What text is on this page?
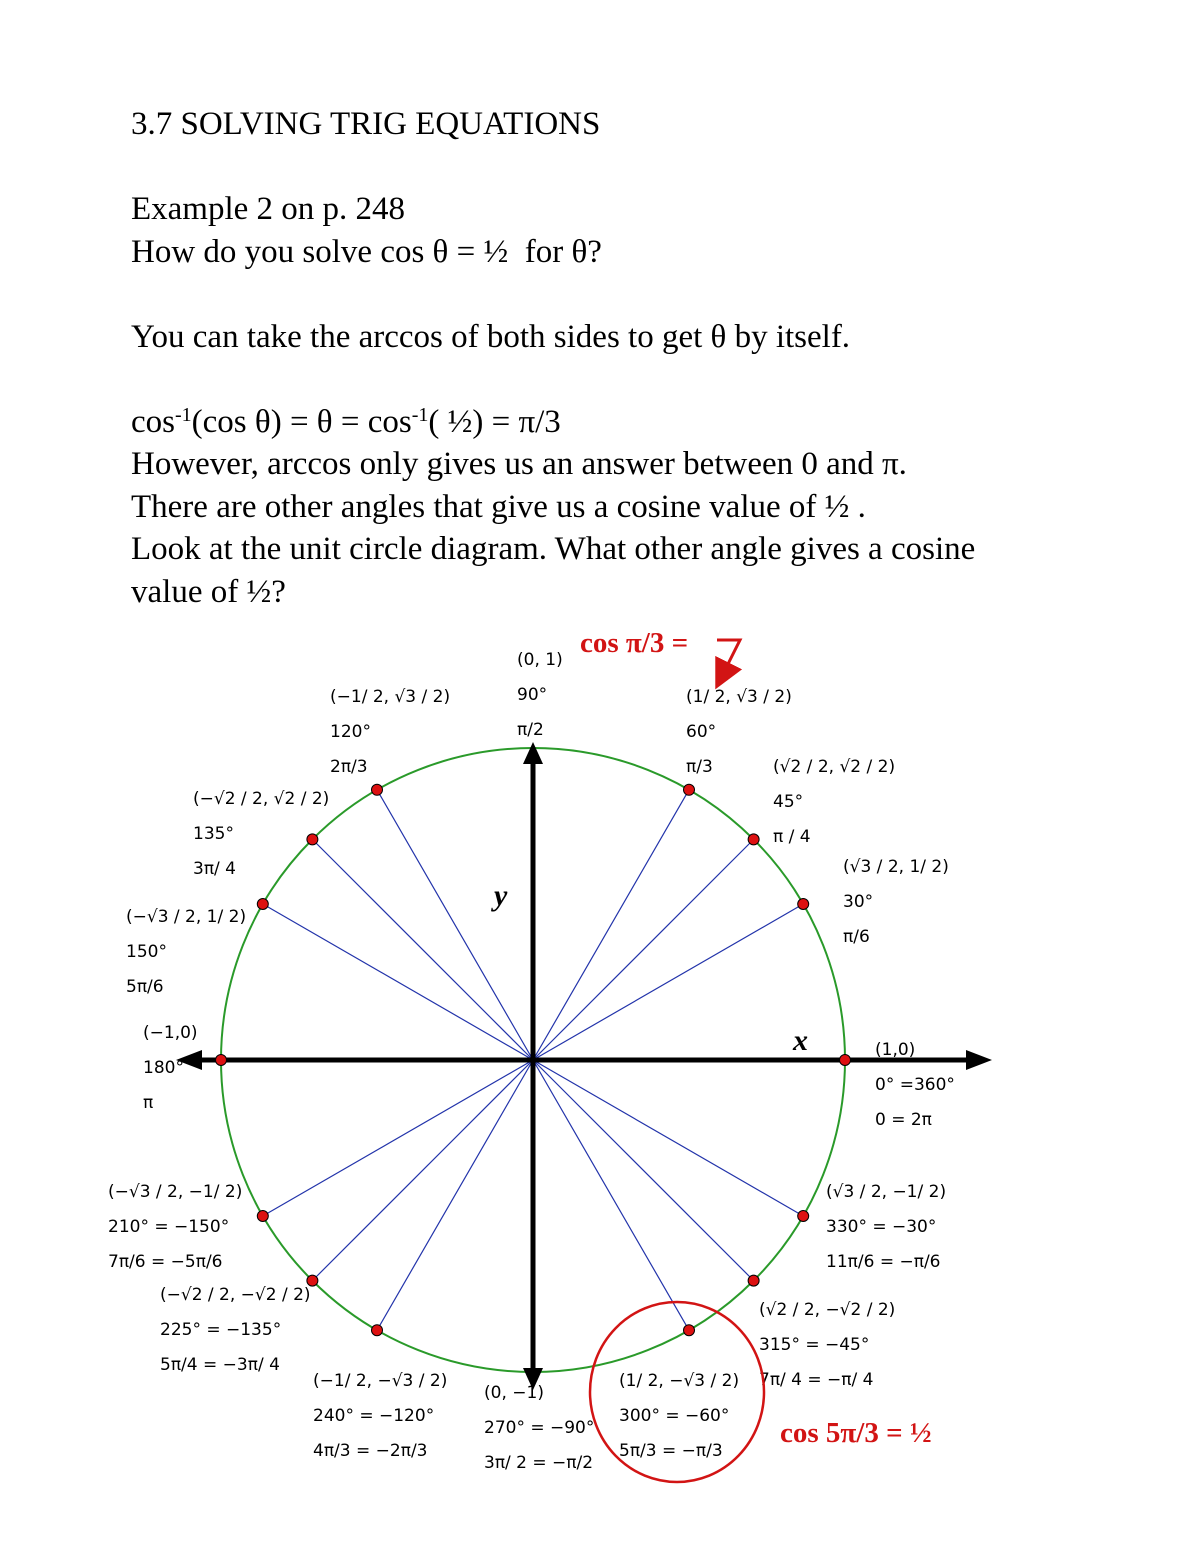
3.7 SOLVING TRIG EQUATIONS
Example 2 on p. 248
How do you solve cos θ = ½  for θ?
You can take the arccos of both sides to get θ by itself.
$\cos^{-1}(\cos$ $\theta) = \theta = \cos^{-1}$( ½) = π/3
However, arccos only gives us an answer between 0 and π.
There are other angles that give us a cosine value of ½ .
Look at the unit circle diagram. What other angle gives a cosine
value of ½?
(1,0)
0° =360°
0 = 2π
(√3 / 2, 1/ 2)
30°
π/6
(√2 / 2, √2 / 2)
45°
π / 4
(1/ 2, √3 / 2)
60°
π/3
(0, 1)
90°
π/2
(−1/ 2, √3 / 2)
120°
2π/3
(−√2 / 2, √2 / 2)
135°
3π/ 4
(−√3 / 2, 1/ 2)
150°
5π/6
(−1,0)
180°
π
(−√3 / 2, −1/ 2)
210° = −150°
7π/6 = −5π/6
(−√2 / 2, −√2 / 2)
225° = −135°
5π/4 = −3π/ 4
(−1/ 2, −√3 / 2)
240° = −120°
4π/3 = −2π/3
(0, −1)
270° = −90°
3π/ 2 = −π/2
(1/ 2, −√3 / 2)
300° = −60°
5π/3 = −π/3
(√2 / 2, −√2 / 2)
315° = −45°
7π/ 4 = −π/ 4
(√3 / 2, −1/ 2)
330° = −30°
11π/6 = −π/6
x
y
cos π/3 =
cos 5π/3 = ½
